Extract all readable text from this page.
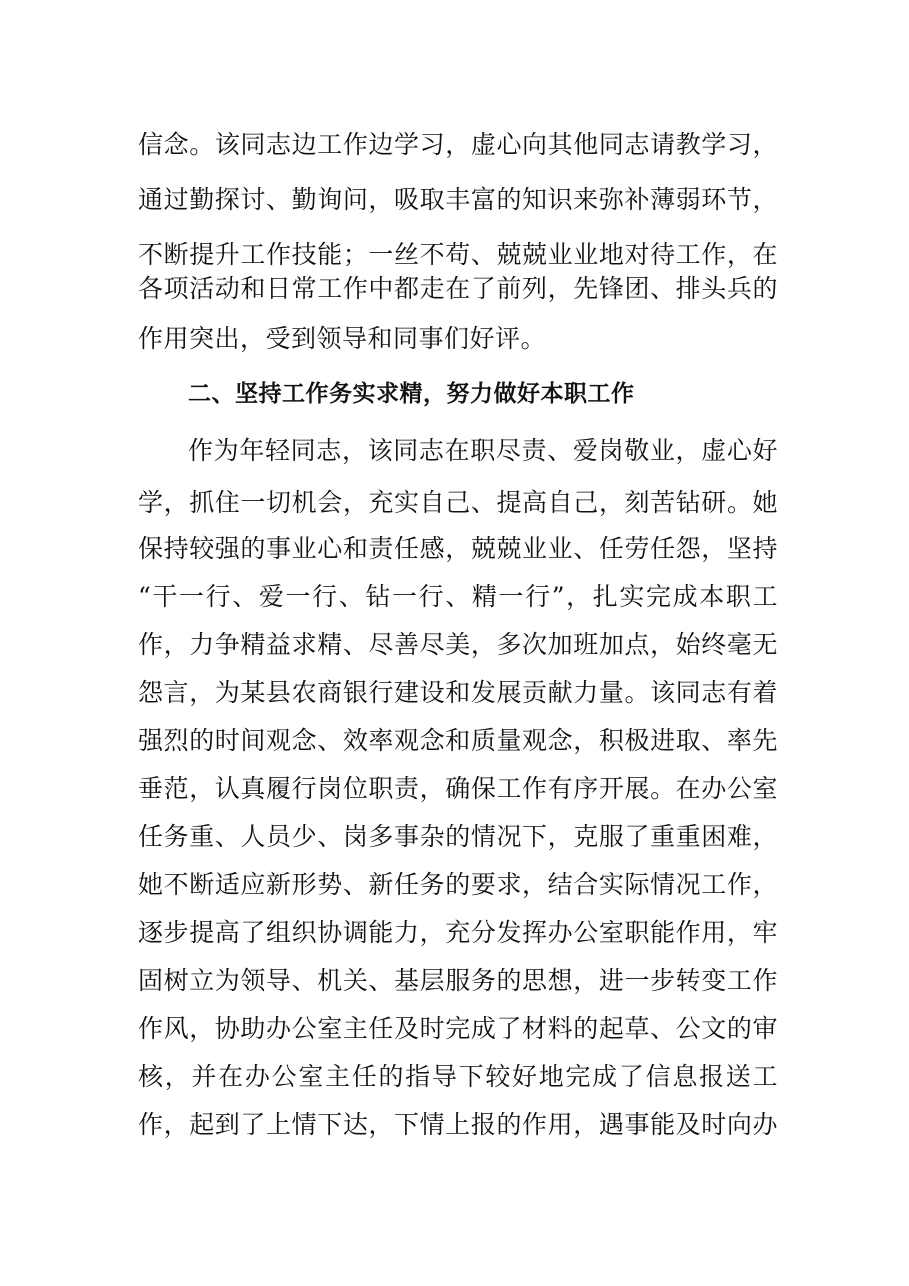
信念。该同志边工作边学习，虚心向其他同志请教学习，
通过勤探讨、勤询问，吸取丰富的知识来弥补薄弱环节，
不断提升工作技能；一丝不苟、兢兢业业地对待工作，在
各项活动和日常工作中都走在了前列，先锋团、排头兵的
作用突出，受到领导和同事们好评。
二、坚持工作务实求精，努力做好本职工作
作为年轻同志，该同志在职尽责、爱岗敬业，虚心好
学，抓住一切机会，充实自己、提高自己，刻苦钻研。她
保持较强的事业心和责任感，兢兢业业、任劳任怨，坚持
“干一行、爱一行、钻一行、精一行”，扎实完成本职工
作，力争精益求精、尽善尽美，多次加班加点，始终毫无
怨言，为某县农商银行建设和发展贡献力量。该同志有着
强烈的时间观念、效率观念和质量观念，积极进取、率先
垂范，认真履行岗位职责，确保工作有序开展。在办公室
任务重、人员少、岗多事杂的情况下，克服了重重困难，
她不断适应新形势、新任务的要求，结合实际情况工作，
逐步提高了组织协调能力，充分发挥办公室职能作用，牢
固树立为领导、机关、基层服务的思想，进一步转变工作
作风，协助办公室主任及时完成了材料的起草、公文的审
核，并在办公室主任的指导下较好地完成了信息报送工
作，起到了上情下达，下情上报的作用，遇事能及时向办
